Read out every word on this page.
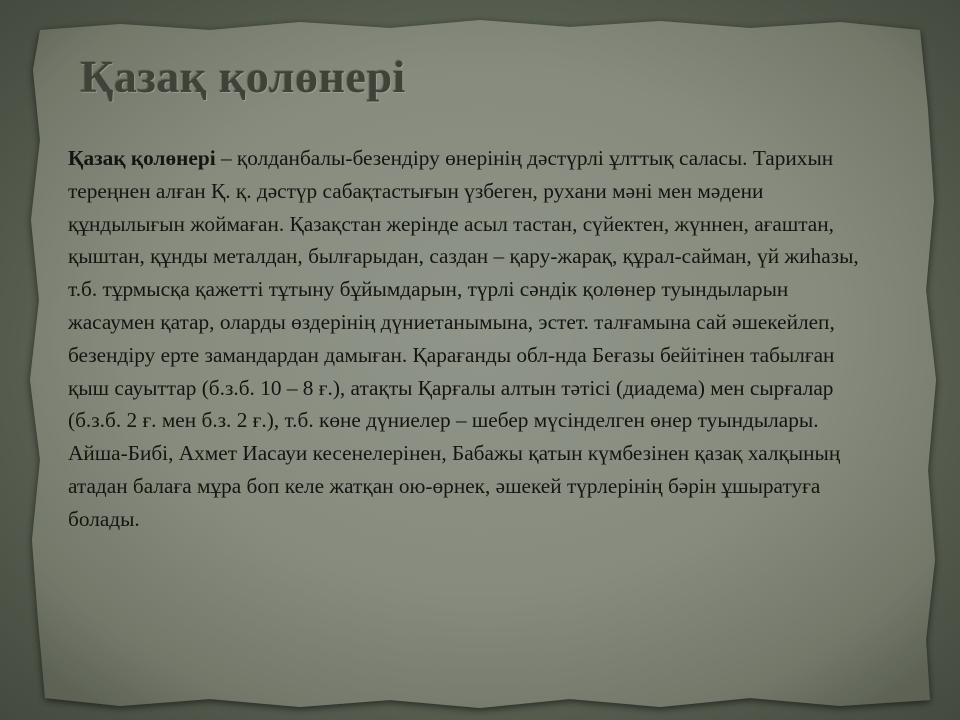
Қазақ қолөнері

Қазақ қолөнері – қолданбалы-безендіру өнерінің дәстүрлі ұлттық саласы. Тарихын тереңнен алған Қ. қ. дәстүр сабақтастығын үзбеген, рухани мәні мен мәдени құндылығын жоймаған. Қазақстан жерінде асыл тастан, сүйектен, жүннен, ағаштан, қыштан, құнды металдан, былғарыдан, саздан – қару-жарақ, құрал-сайман, үй жиһазы, т.б. тұрмысқа қажетті тұтыну бұйымдарын, түрлі сәндік қолөнер туындыларын жасаумен қатар, оларды өздерінің дүниетанымына, эстет. талғамына сай әшекейлеп, безендіру ерте замандардан дамыған. Қарағанды обл-нда Беғазы бейітінен табылған қыш сауыттар (б.з.б. 10 – 8 ғ.), атақты Қарғалы алтын тәтісі (диадема) мен сырғалар (б.з.б. 2 ғ. мен б.з. 2 ғ.), т.б. көне дүниелер – шебер мүсінделген өнер туындылары. Айша-Бибі, Ахмет Иасауи кесенелерінен, Бабажы қатын күмбезінен қазақ халқының атадан балаға мұра боп келе жатқан ою-өрнек, әшекей түрлерінің бәрін ұшыратуға болады.
